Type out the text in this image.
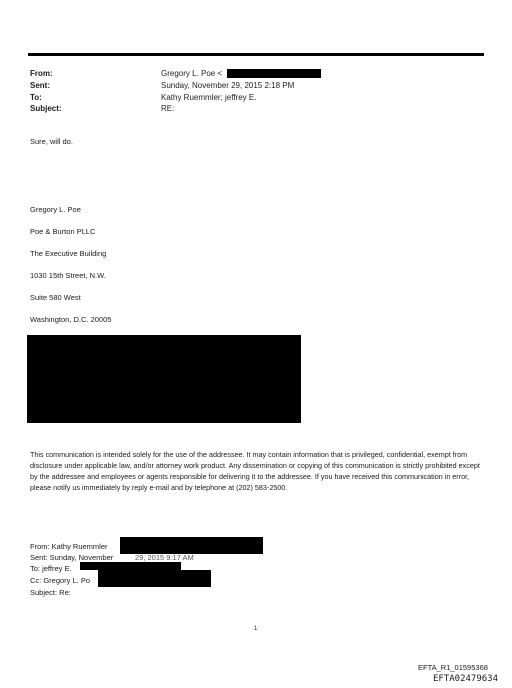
From:
Sent:
To:
Subject:
Gregory L. Poe <
Sunday, November 29, 2015 2:18 PM
Kathy Ruemmler; jeffrey E.
RE:
Sure, will do.
Gregory L. Poe
Poe & Burton PLLC
The Executive Building
1030 15th Street, N.W.
Suite 580 West
Washington, D.C. 20005
This communication is intended solely for the use of the addressee. It may contain information that is privileged, confidential, exempt from disclosure under applicable law, and/or attorney work product. Any dissemination or copying of this communication is strictly prohibited except by the addressee and employees or agents responsible for delivering it to the addressee. If you have received this communication in error, please notify us immediately by reply e-mail and by telephone at (202) 583-2500.
From: Kathy Ruemmler
Sent: Sunday, November	29, 2015 9:17 AM
To: jeffrey E.
Cc: Gregory L. Po
Subject: Re:
1
EFTA_R1_01595368
EFTA02479634
